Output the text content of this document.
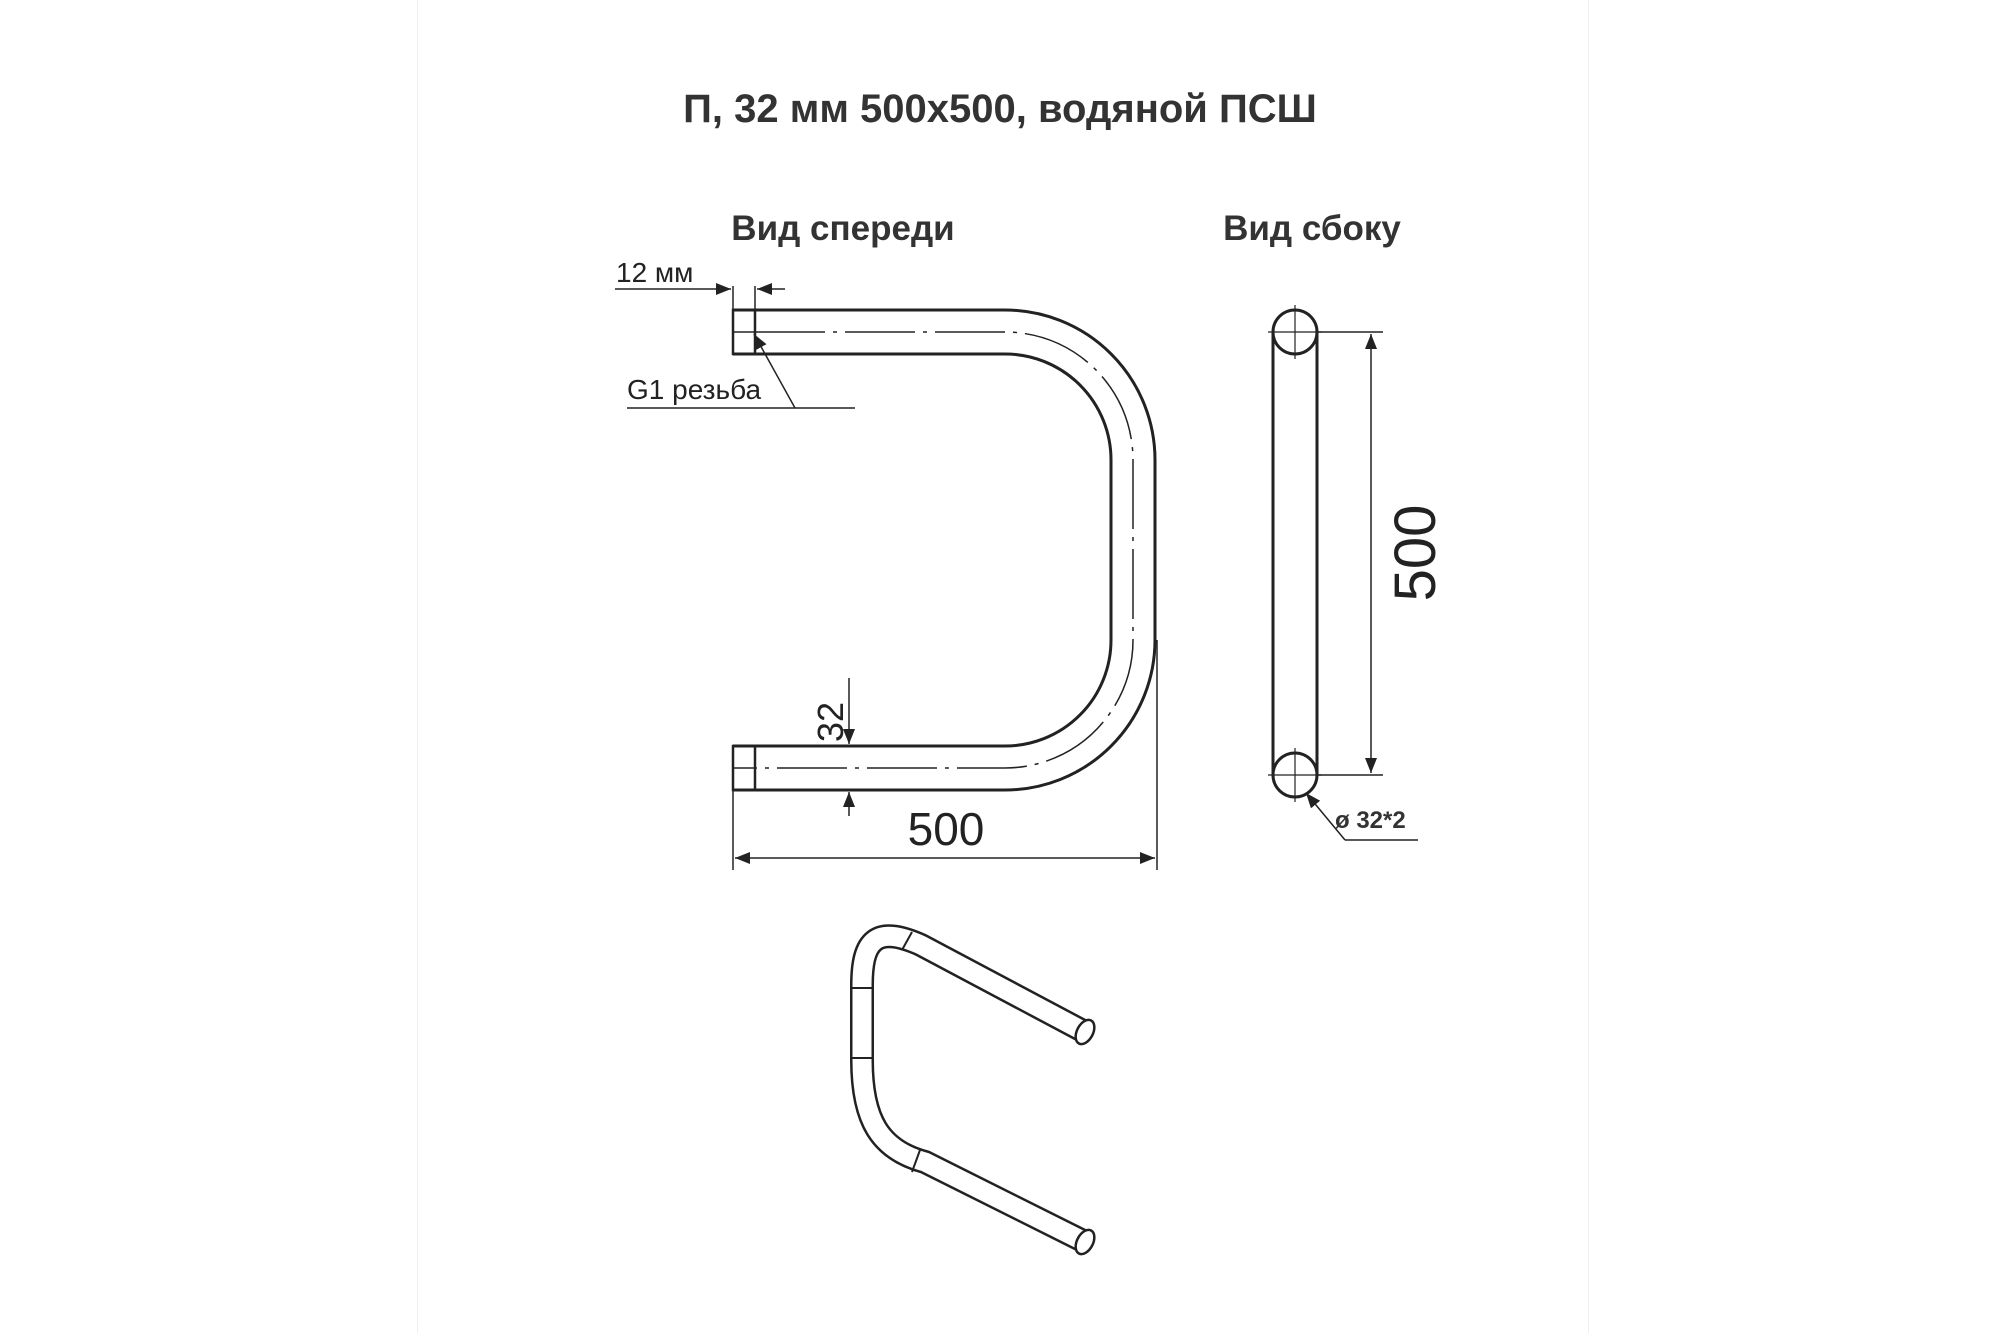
П, 32 мм 500х500, водяной ПСШ
Вид спереди	Вид сбоку
12 мм
G1 резьба
32
500
500
ø 32*2
